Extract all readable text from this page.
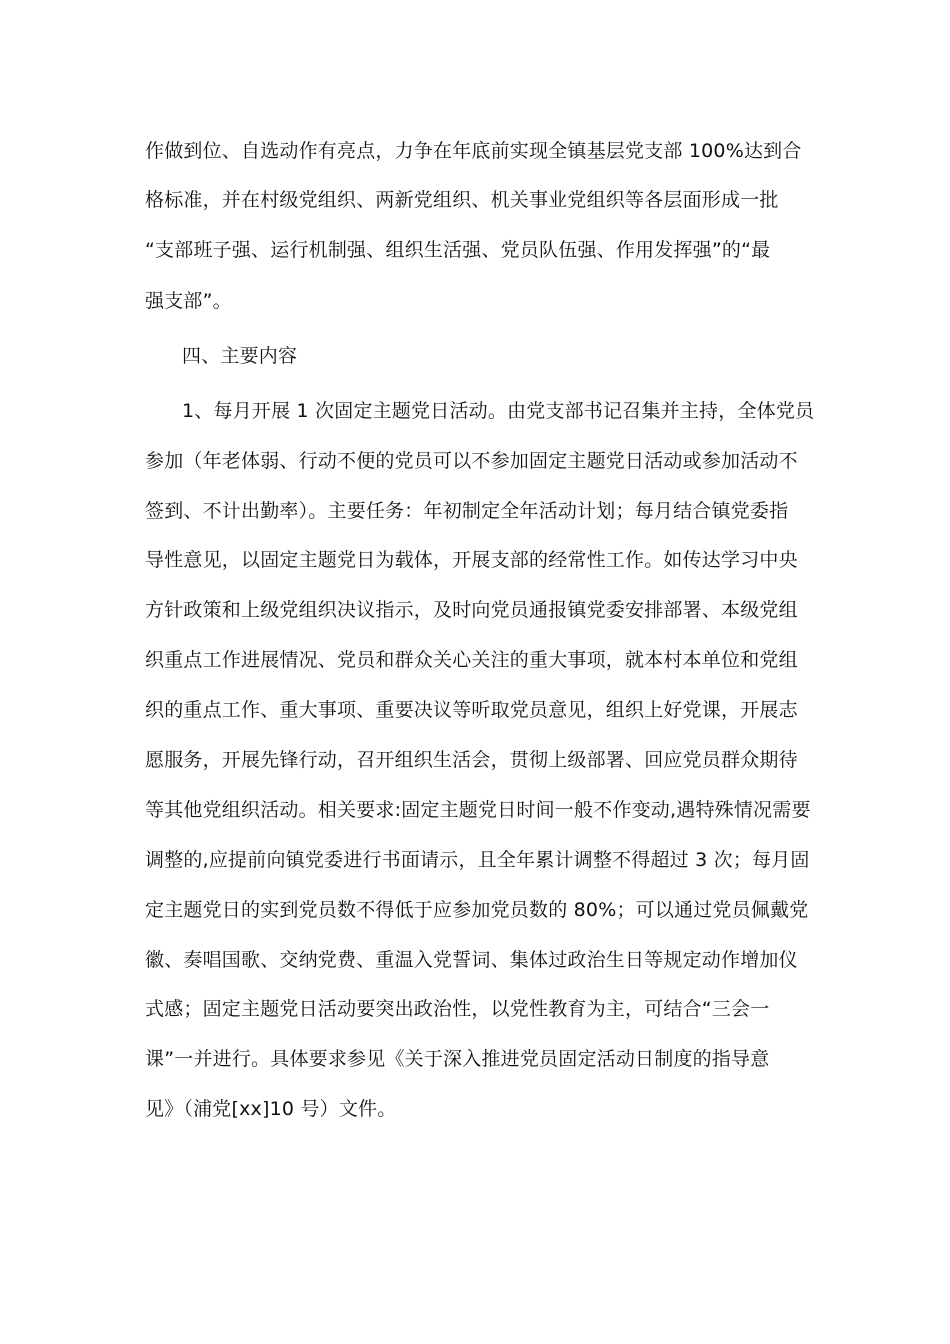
作做到位、自选动作有亮点，力争在年底前实现全镇基层党支部 100%达到合
格标准，并在村级党组织、两新党组织、机关事业党组织等各层面形成一批
“支部班子强、运行机制强、组织生活强、党员队伍强、作用发挥强”的“最
强支部”。
四、主要内容
1、每月开展 1 次固定主题党日活动。由党支部书记召集并主持，全体党员
参加（年老体弱、行动不便的党员可以不参加固定主题党日活动或参加活动不
签到、不计出勤率）。主要任务：年初制定全年活动计划；每月结合镇党委指
导性意见，以固定主题党日为载体，开展支部的经常性工作。如传达学习中央
方针政策和上级党组织决议指示，及时向党员通报镇党委安排部署、本级党组
织重点工作进展情况、党员和群众关心关注的重大事项，就本村本单位和党组
织的重点工作、重大事项、重要决议等听取党员意见，组织上好党课，开展志
愿服务，开展先锋行动，召开组织生活会，贯彻上级部署、回应党员群众期待
等其他党组织活动。相关要求:固定主题党日时间一般不作变动,遇特殊情况需要
调整的,应提前向镇党委进行书面请示，且全年累计调整不得超过 3 次；每月固
定主题党日的实到党员数不得低于应参加党员数的 80%；可以通过党员佩戴党
徽、奏唱国歌、交纳党费、重温入党誓词、集体过政治生日等规定动作增加仪
式感；固定主题党日活动要突出政治性，以党性教育为主，可结合“三会一
课”一并进行。具体要求参见《关于深入推进党员固定活动日制度的指导意
见》（浦党[xx]10 号）文件。
